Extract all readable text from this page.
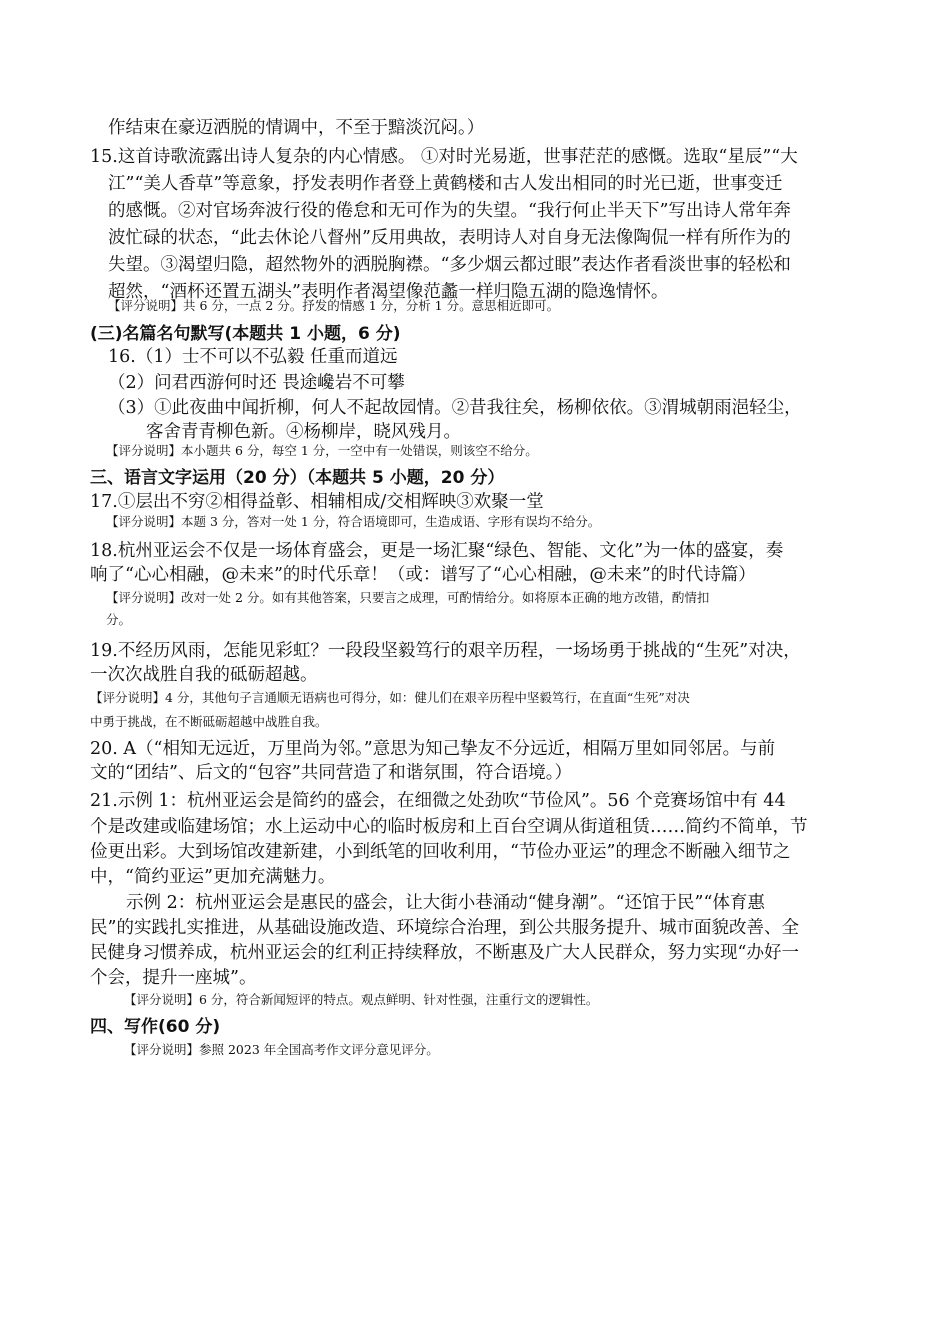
作结束在豪迈洒脱的情调中，不至于黯淡沉闷。）
15.这首诗歌流露出诗人复杂的内心情感。 ①对时光易逝，世事茫茫的感慨。选取“星辰”“大
江”“美人香草”等意象，抒发表明作者登上黄鹤楼和古人发出相同的时光已逝，世事变迁
的感慨。②对官场奔波行役的倦怠和无可作为的失望。“我行何止半天下”写出诗人常年奔
波忙碌的状态，“此去休论八督州”反用典故，表明诗人对自身无法像陶侃一样有所作为的
失望。③渴望归隐，超然物外的洒脱胸襟。“多少烟云都过眼”表达作者看淡世事的轻松和
超然，“酒杯还置五湖头”表明作者渴望像范蠡一样归隐五湖的隐逸情怀。
【评分说明】共 6 分，一点 2 分。抒发的情感 1 分，分析 1 分。意思相近即可。
(三)名篇名句默写(本题共 1 小题，6 分)
16.（1）士不可以不弘毅 任重而道远
（2）问君西游何时还 畏途巉岩不可攀
（3）①此夜曲中闻折柳，何人不起故园情。②昔我往矣，杨柳依依。③渭城朝雨浥轻尘，
客舍青青柳色新。④杨柳岸，晓风残月。
【评分说明】本小题共 6 分，每空 1 分，一空中有一处错误，则该空不给分。
三、语言文字运用（20 分）（本题共 5 小题，20 分）
17.①层出不穷②相得益彰、相辅相成/交相辉映③欢聚一堂
【评分说明】本题 3 分，答对一处 1 分，符合语境即可，生造成语、字形有误均不给分。
18.杭州亚运会不仅是一场体育盛会，更是一场汇聚“绿色、智能、文化”为一体的盛宴，奏
响了“心心相融，@未来”的时代乐章！（或：谱写了“心心相融，@未来”的时代诗篇）
【评分说明】改对一处 2 分。如有其他答案，只要言之成理，可酌情给分。如将原本正确的地方改错，酌情扣
分。
19.不经历风雨，怎能见彩虹？一段段坚毅笃行的艰辛历程，一场场勇于挑战的“生死”对决，
一次次战胜自我的砥砺超越。
【评分说明】4 分，其他句子言通顺无语病也可得分，如：健儿们在艰辛历程中坚毅笃行，在直面“生死”对决
中勇于挑战，在不断砥砺超越中战胜自我。
20. A（“相知无远近，万里尚为邻。”意思为知己挚友不分远近，相隔万里如同邻居。与前
文的“团结”、后文的“包容”共同营造了和谐氛围，符合语境。）
21.示例 1：杭州亚运会是简约的盛会，在细微之处劲吹“节俭风”。56 个竞赛场馆中有 44
个是改建或临建场馆；水上运动中心的临时板房和上百台空调从街道租赁……简约不简单，节
俭更出彩。大到场馆改建新建，小到纸笔的回收利用，“节俭办亚运”的理念不断融入细节之
中，“简约亚运”更加充满魅力。
示例 2：杭州亚运会是惠民的盛会，让大街小巷涌动“健身潮”。“还馆于民”“体育惠
民”的实践扎实推进，从基础设施改造、环境综合治理，到公共服务提升、城市面貌改善、全
民健身习惯养成，杭州亚运会的红利正持续释放，不断惠及广大人民群众，努力实现“办好一
个会，提升一座城”。
【评分说明】6 分，符合新闻短评的特点。观点鲜明、针对性强，注重行文的逻辑性。
四、写作(60 分)
【评分说明】参照 2023 年全国高考作文评分意见评分。
